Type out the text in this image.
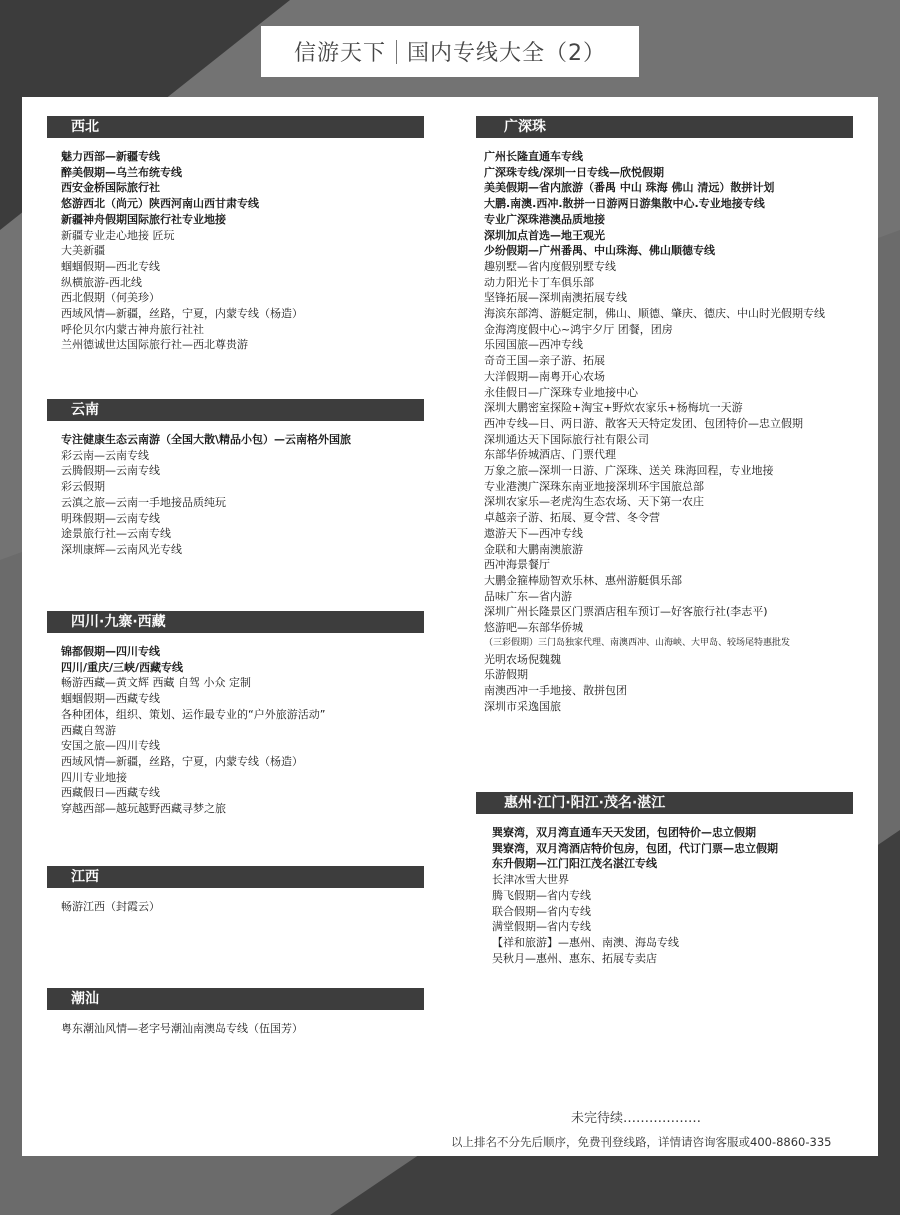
信游天下 国内专线大全（2）
西北
魅力西部—新疆专线
醉美假期—乌兰布统专线
西安金桥国际旅行社
悠游西北（尚元）陕西河南山西甘肃专线
新疆神舟假期国际旅行社专业地接
新疆专业走心地接 匠玩
大美新疆
蝈蝈假期—西北专线
纵横旅游-西北线
西北假期（何美珍）
西域风情—新疆，丝路，宁夏，内蒙专线（杨造）
呼伦贝尔内蒙古神舟旅行社社
兰州德诚世达国际旅行社—西北尊贵游
云南
专注健康生态云南游（全国大散\精品小包）—云南格外国旅
彩云南—云南专线
云腾假期—云南专线
彩云假期
云滇之旅—云南一手地接品质纯玩
明珠假期—云南专线
途景旅行社—云南专线
深圳康辉—云南风光专线
四川·九寨·西藏
锦都假期—四川专线
四川/重庆/三峡/西藏专线
畅游西藏—黄文辉 西藏 自驾 小众 定制
蝈蝈假期—西藏专线
各种团体，组织、策划、运作最专业的“户外旅游活动”
西藏自驾游
安国之旅—四川专线
西域风情—新疆，丝路，宁夏，内蒙专线（杨造）
四川专业地接
西藏假日—西藏专线
穿越西部—越玩越野西藏寻梦之旅
江西
畅游江西（封霞云）
潮汕
粤东潮汕风情—老字号潮汕南澳岛专线（伍国芳）
广深珠
广州长隆直通车专线
广深珠专线/深圳一日专线—欣悦假期
美美假期—省内旅游（番禺 中山 珠海 佛山 清远）散拼计划
大鹏.南澳.西冲.散拼一日游两日游集散中心.专业地接专线
专业广深珠港澳品质地接
深圳加点首选—地王观光
少纷假期—广州番禺、中山珠海、佛山顺德专线
趣别墅—省内度假别墅专线
动力阳光卡丁车俱乐部
坚锋拓展—深圳南澳拓展专线
海滨东部湾、游艇定制，佛山、顺德、肇庆、德庆、中山时光假期专线
金海湾度假中心~鸿宇夕厅 团餐，团房
乐园国旅—西冲专线
奇奇王国—亲子游、拓展
大洋假期—南粤开心农场
永佳假日—广深珠专业地接中心
深圳大鹏密室探险+淘宝+野炊农家乐+杨梅坑一天游
西冲专线—日、两日游、散客天天特定发团、包团特价—忠立假期
深圳通达天下国际旅行社有限公司
东部华侨城酒店、门票代理
万象之旅—深圳一日游、广深珠、送关 珠海回程，专业地接
专业港澳广深珠东南亚地接深圳环宇国旅总部
深圳农家乐—老虎沟生态农场、天下第一农庄
卓越亲子游、拓展、夏令营、冬令营
遨游天下—西冲专线
金联和大鹏南澳旅游
西冲海景餐厅
大鹏金箍棒励智欢乐林、惠州游艇俱乐部
品味广东—省内游
深圳广州长隆景区门票酒店租车预订—好客旅行社(李志平)
悠游吧—东部华侨城
（三彩假期）三门岛独家代理、南澳西冲、山海峡、大甲岛、较场尾特惠批发
光明农场倪魏魏
乐游假期
南澳西冲一手地接、散拼包团
深圳市采逸国旅
惠州·江门·阳江·茂名·湛江
巽寮湾，双月湾直通车天天发团，包团特价—忠立假期
巽寮湾，双月湾酒店特价包房，包团，代订门票—忠立假期
东升假期—江门阳江茂名湛江专线
长津冰雪大世界
腾飞假期—省内专线
联合假期—省内专线
满堂假期—省内专线
【祥和旅游】—惠州、南澳、海岛专线
吴秋月—惠州、惠东、拓展专卖店
未完待续………………
以上排名不分先后顺序，免费刊登线路，详情请咨询客服或400-8860-335
